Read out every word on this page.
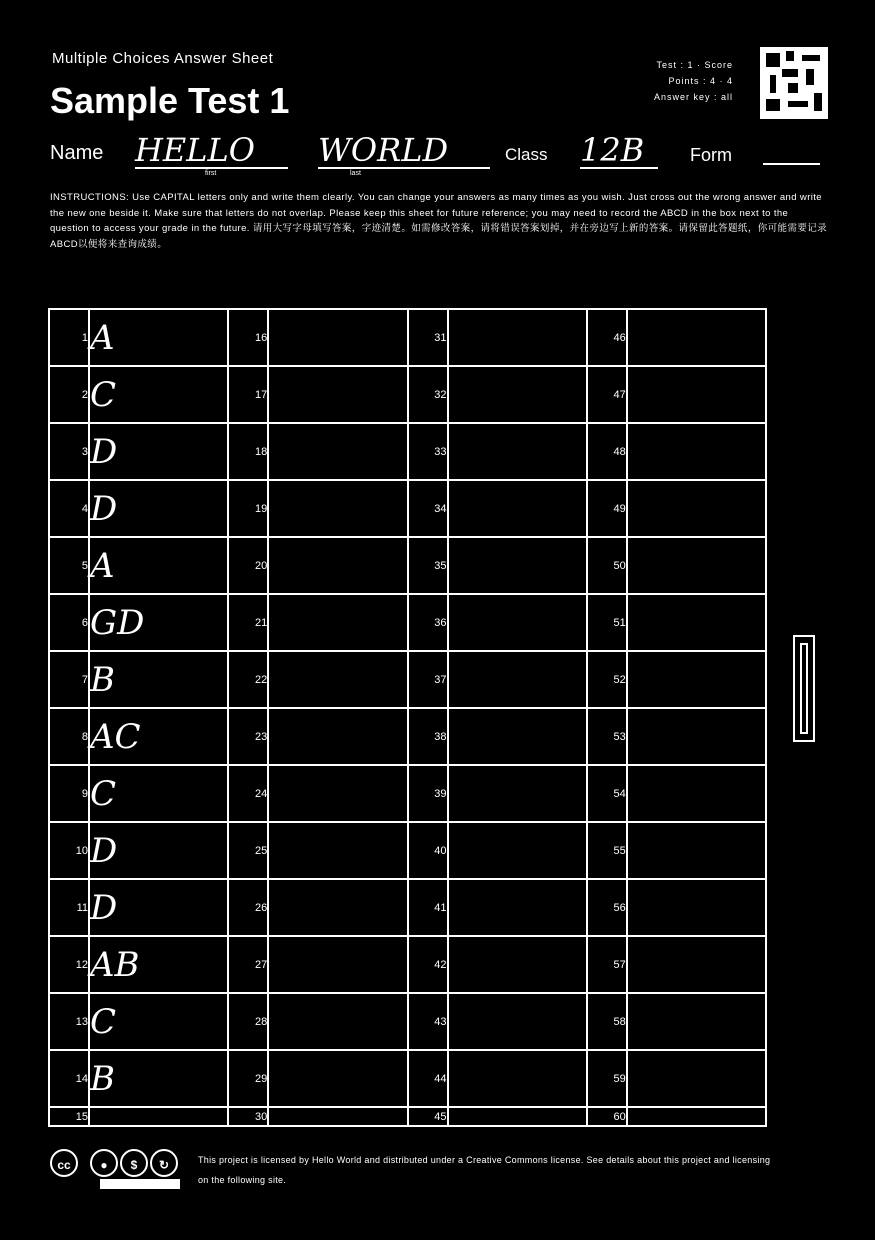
Multiple Choices Answer Sheet
Sample Test 1
Test : 1 · Score
Points : 4 · 4
Answer key : all
Name HELLO
first
WORLD
last
Class 12B	Form

INSTRUCTIONS: Use CAPITAL letters only and write them clearly. You can change your answers as many times as you wish. Just cross out the wrong answer and write the new one beside it. Make sure that letters do not overlap. Please keep this sheet for future reference; you may need to record the ABCD in the box next to the question to access your grade in the future. 请用大写字母填写答案，字迹清楚。如需修改答案，请将错误答案划掉，并在旁边写上新的答案。请保留此答题纸，你可能需要记录ABCD以便将来查询成绩。

1	A	16		31		46	
2	C	17		32		47	
3	D	18		33		48	
4	D	19		34		49	
5	A	20		35		50	
6	GD	21		36		51	
7	B	22		37		52	
8	AC	23		38		53	
9	C	24		39		54	
10	D	25		40		55	
11	D	26		41		56	
12	AB	27		42		57	
13	C	28		43		58	
14	B	29		44		59	
15		30		45		60	
cc	●	$	↻	This project is licensed by Hello World and distributed under a Creative Commons license. See details about this project and licensing on the following site.
